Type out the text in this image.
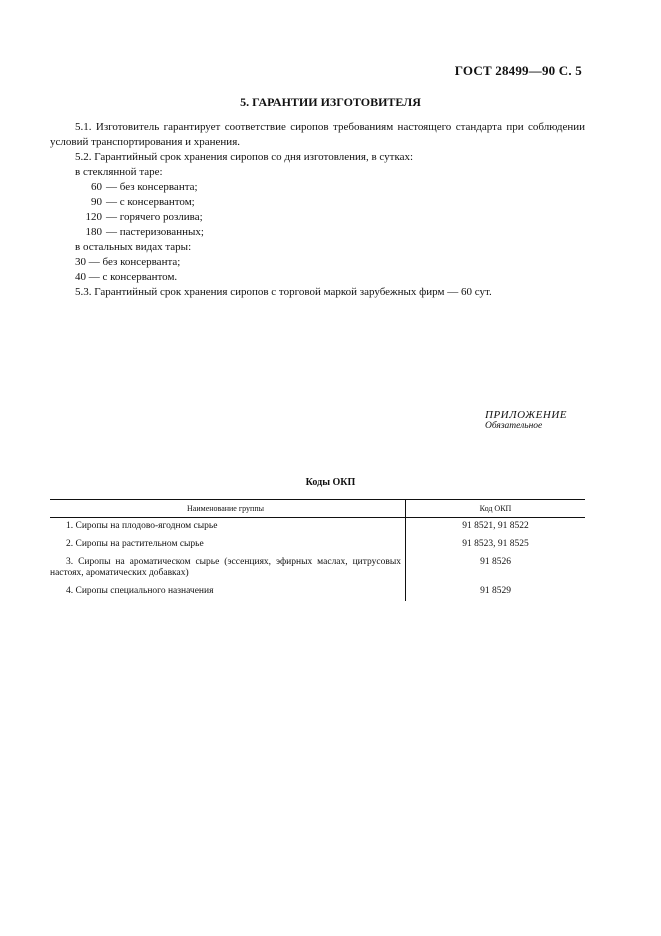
ГОСТ 28499—90 С. 5
5. ГАРАНТИИ ИЗГОТОВИТЕЛЯ

5.1. Изготовитель гарантирует соответствие сиропов требованиям настоящего стандарта при соблюдении условий транспортирования и хранения.

5.2. Гарантийный срок хранения сиропов со дня изготовления, в сутках:

в стеклянной таре:

60 — без консерванта;

90 — с консервантом;

120 — горячего розлива;

180 — пастеризованных;

в остальных видах тары:

30 — без консерванта;

40 — с консервантом.

5.3. Гарантийный срок хранения сиропов с торговой маркой зарубежных фирм — 60 сут.

ПРИЛОЖЕНИЕ
Обязательное
Коды ОКП
Наименование группы	Код ОКП
1. Сиропы на плодово-ягодном сырье	91 8521, 91 8522
2. Сиропы на растительном сырье	91 8523, 91 8525
3. Сиропы на ароматическом сырье (эссенциях, эфирных маслах, цитрусовых настоях, ароматических добавках)	91 8526
4. Сиропы специального назначения	91 8529
